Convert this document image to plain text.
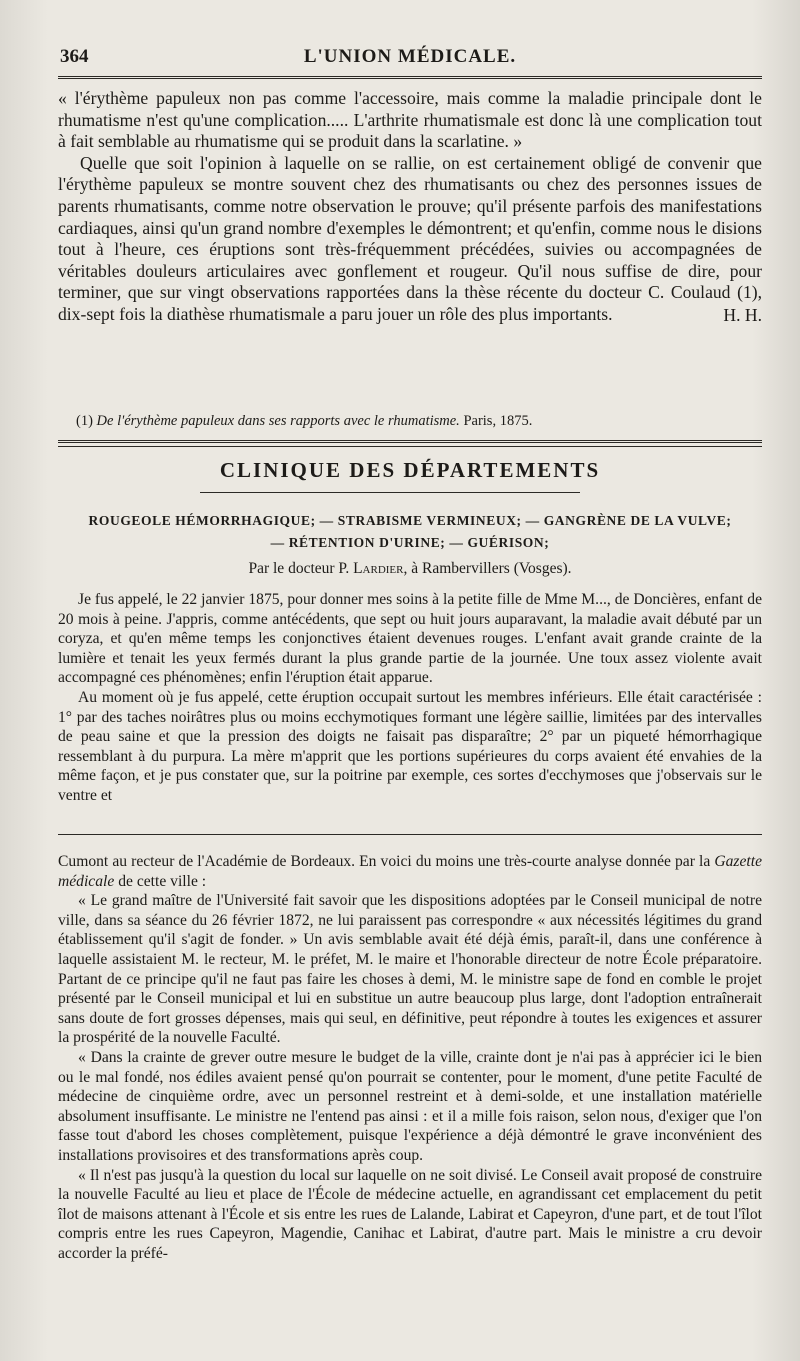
364	L'UNION MÉDICALE.

« l'érythème papuleux non pas comme l'accessoire, mais comme la maladie principale dont le rhumatisme n'est qu'une complication..... L'arthrite rhumatismale est donc là une complication tout à fait semblable au rhumatisme qui se produit dans la scarlatine. »

Quelle que soit l'opinion à laquelle on se rallie, on est certainement obligé de convenir que l'érythème papuleux se montre souvent chez des rhumatisants ou chez des personnes issues de parents rhumatisants, comme notre observation le prouve; qu'il présente parfois des manifestations cardiaques, ainsi qu'un grand nombre d'exemples le démontrent; et qu'enfin, comme nous le disions tout à l'heure, ces éruptions sont très-fréquemment précédées, suivies ou accompagnées de véritables douleurs articulaires avec gonflement et rougeur. Qu'il nous suffise de dire, pour terminer, que sur vingt observations rapportées dans la thèse récente du docteur C. Coulaud (1), dix-sept fois la diathèse rhumatismale a paru jouer un rôle des plus importants.	H. H.

(1) De l'érythème papuleux dans ses rapports avec le rhumatisme. Paris, 1875.
CLINIQUE DES DÉPARTEMENTS
ROUGEOLE HÉMORRHAGIQUE; — STRABISME VERMINEUX; — GANGRÈNE DE LA VULVE;
— RÉTENTION D'URINE; — GUÉRISON;
Par le docteur P. Lardier, à Rambervillers (Vosges).

Je fus appelé, le 22 janvier 1875, pour donner mes soins à la petite fille de Mme M..., de Doncières, enfant de 20 mois à peine. J'appris, comme antécédents, que sept ou huit jours auparavant, la maladie avait débuté par un coryza, et qu'en même temps les conjonctives étaient devenues rouges. L'enfant avait grande crainte de la lumière et tenait les yeux fermés durant la plus grande partie de la journée. Une toux assez violente avait accompagné ces phénomènes; enfin l'éruption était apparue.

Au moment où je fus appelé, cette éruption occupait surtout les membres inférieurs. Elle était caractérisée : 1° par des taches noirâtres plus ou moins ecchymotiques formant une légère saillie, limitées par des intervalles de peau saine et que la pression des doigts ne faisait pas disparaître; 2° par un piqueté hémorrhagique ressemblant à du purpura. La mère m'apprit que les portions supérieures du corps avaient été envahies de la même façon, et je pus constater que, sur la poitrine par exemple, ces sortes d'ecchymoses que j'observais sur le ventre et

Cumont au recteur de l'Académie de Bordeaux. En voici du moins une très-courte analyse donnée par la Gazette médicale de cette ville :

« Le grand maître de l'Université fait savoir que les dispositions adoptées par le Conseil municipal de notre ville, dans sa séance du 26 février 1872, ne lui paraissent pas correspondre « aux nécessités légitimes du grand établissement qu'il s'agit de fonder. » Un avis semblable avait été déjà émis, paraît-il, dans une conférence à laquelle assistaient M. le recteur, M. le préfet, M. le maire et l'honorable directeur de notre École préparatoire. Partant de ce principe qu'il ne faut pas faire les choses à demi, M. le ministre sape de fond en comble le projet présenté par le Conseil municipal et lui en substitue un autre beaucoup plus large, dont l'adoption entraînerait sans doute de fort grosses dépenses, mais qui seul, en définitive, peut répondre à toutes les exigences et assurer la prospérité de la nouvelle Faculté.

« Dans la crainte de grever outre mesure le budget de la ville, crainte dont je n'ai pas à apprécier ici le bien ou le mal fondé, nos édiles avaient pensé qu'on pourrait se contenter, pour le moment, d'une petite Faculté de médecine de cinquième ordre, avec un personnel restreint et à demi-solde, et une installation matérielle absolument insuffisante. Le ministre ne l'entend pas ainsi : et il a mille fois raison, selon nous, d'exiger que l'on fasse tout d'abord les choses complètement, puisque l'expérience a déjà démontré le grave inconvénient des installations provisoires et des transformations après coup.

« Il n'est pas jusqu'à la question du local sur laquelle on ne soit divisé. Le Conseil avait proposé de construire la nouvelle Faculté au lieu et place de l'École de médecine actuelle, en agrandissant cet emplacement du petit îlot de maisons attenant à l'École et sis entre les rues de Lalande, Labirat et Capeyron, d'une part, et de tout l'îlot compris entre les rues Capeyron, Magendie, Canihac et Labirat, d'autre part. Mais le ministre a cru devoir accorder la préfé-
